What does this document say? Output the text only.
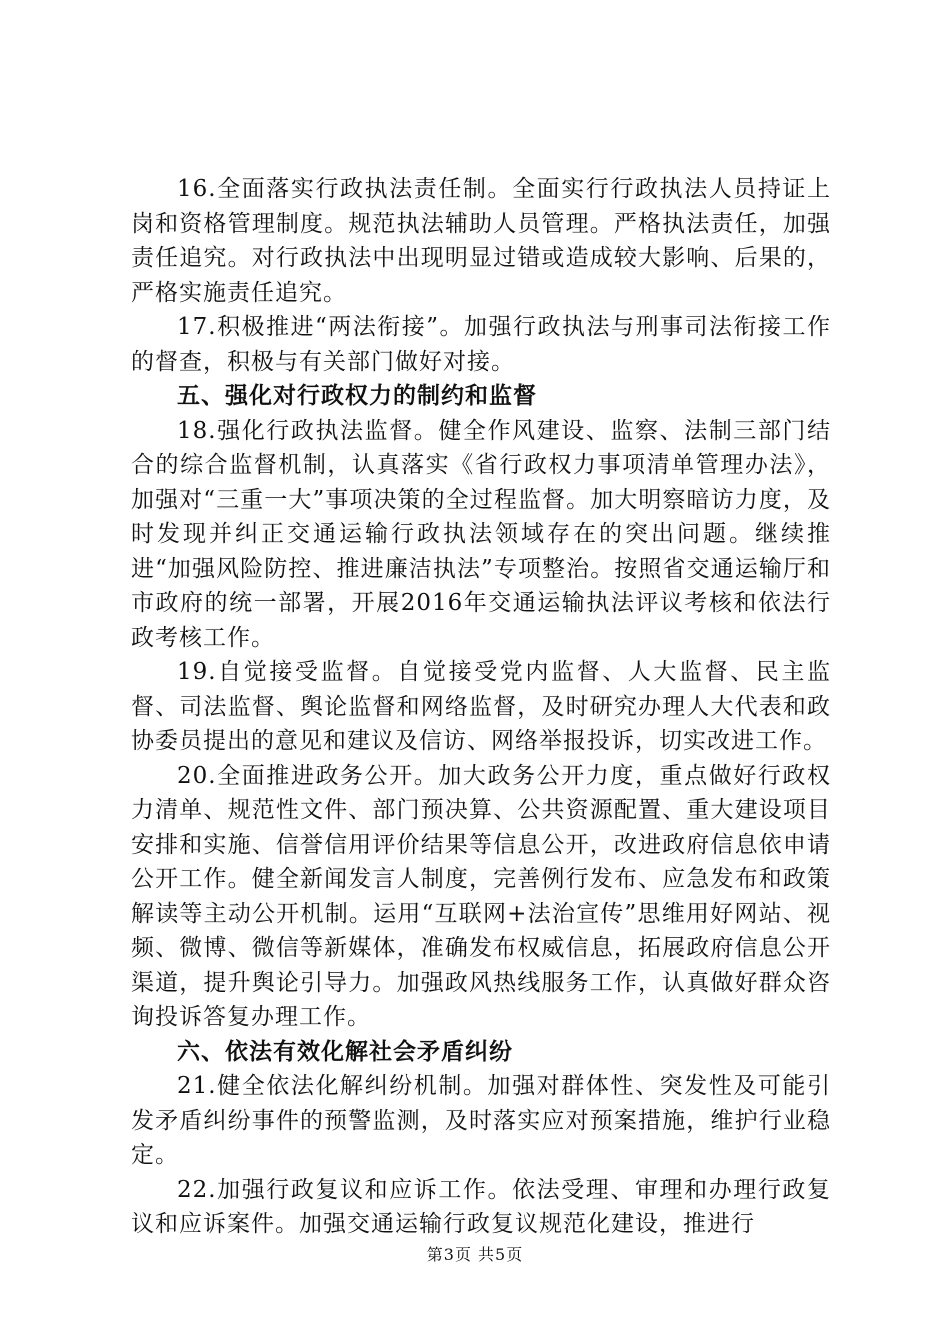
16.全面落实行政执法责任制。全面实行行政执法人员持证上岗和资格管理制度。规范执法辅助人员管理。严格执法责任，加强责任追究。对行政执法中出现明显过错或造成较大影响、后果的，严格实施责任追究。

17.积极推进“两法衔接”。加强行政执法与刑事司法衔接工作的督查，积极与有关部门做好对接。

五、强化对行政权力的制约和监督

18.强化行政执法监督。健全作风建设、监察、法制三部门结合的综合监督机制，认真落实《省行政权力事项清单管理办法》，加强对“三重一大”事项决策的全过程监督。加大明察暗访力度，及时发现并纠正交通运输行政执法领域存在的突出问题。继续推进“加强风险防控、推进廉洁执法”专项整治。按照省交通运输厅和市政府的统一部署，开展2016年交通运输执法评议考核和依法行政考核工作。

19.自觉接受监督。自觉接受党内监督、人大监督、民主监督、司法监督、舆论监督和网络监督，及时研究办理人大代表和政协委员提出的意见和建议及信访、网络举报投诉，切实改进工作。

20.全面推进政务公开。加大政务公开力度，重点做好行政权力清单、规范性文件、部门预决算、公共资源配置、重大建设项目安排和实施、信誉信用评价结果等信息公开，改进政府信息依申请公开工作。健全新闻发言人制度，完善例行发布、应急发布和政策解读等主动公开机制。运用“互联网+法治宣传”思维用好网站、视频、微博、微信等新媒体，准确发布权威信息，拓展政府信息公开渠道，提升舆论引导力。加强政风热线服务工作，认真做好群众咨询投诉答复办理工作。

六、依法有效化解社会矛盾纠纷

21.健全依法化解纠纷机制。加强对群体性、突发性及可能引发矛盾纠纷事件的预警监测，及时落实应对预案措施，维护行业稳定。

22.加强行政复议和应诉工作。依法受理、审理和办理行政复议和应诉案件。加强交通运输行政复议规范化建设，推进行

第3页 共5页
